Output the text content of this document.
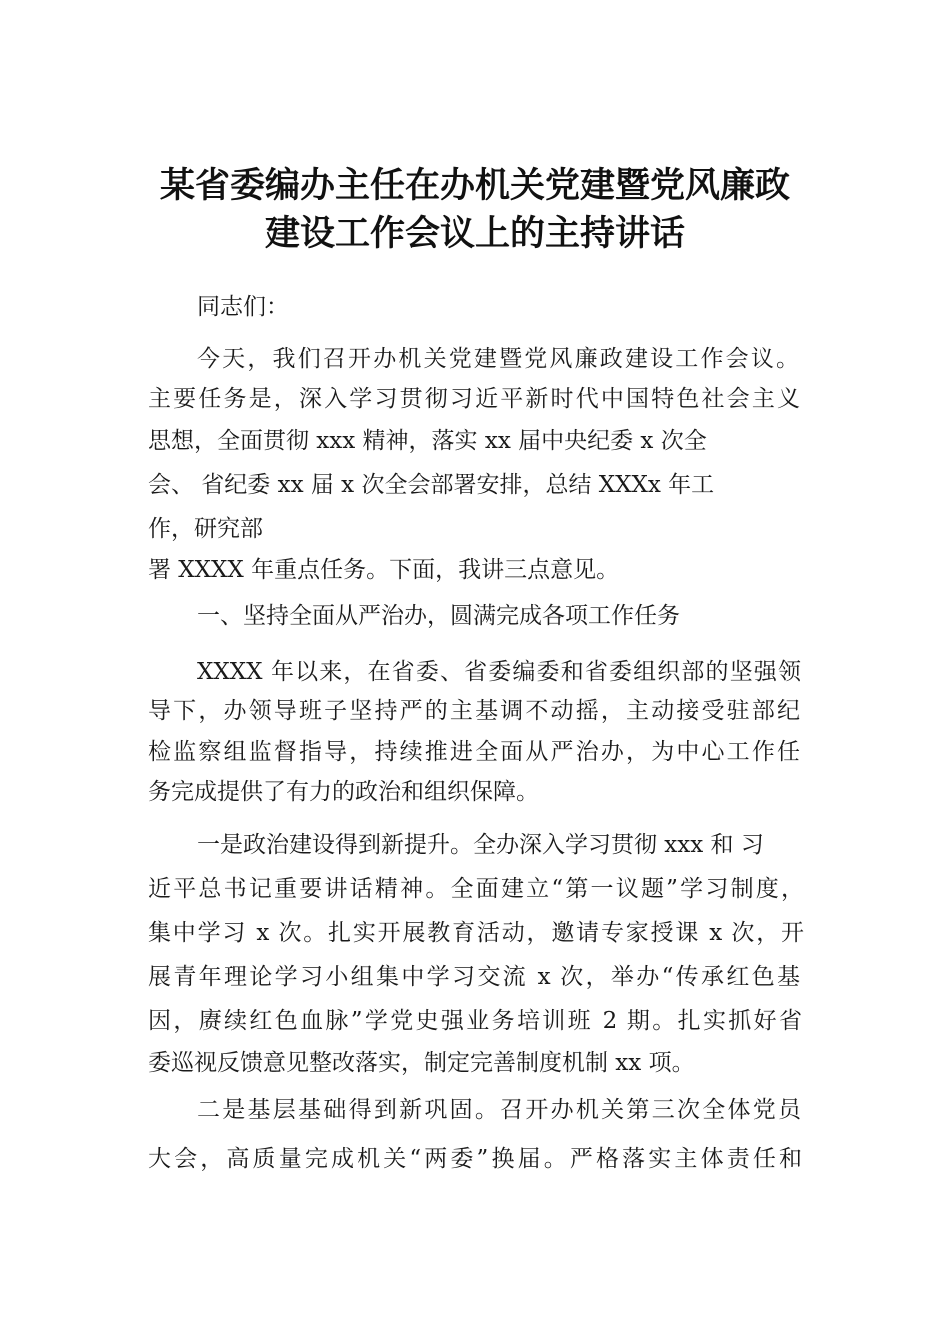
某省委编办主任在办机关党建暨党风廉政
建设工作会议上的主持讲话
同志们：
今天，我们召开办机关党建暨党风廉政建设工作会议。
主要任务是，深入学习贯彻习近平新时代中国特色社会主义
思想，全面贯彻 xxx 精神，落实 xx 届中央纪委 x 次全
会、 省纪委 xx 届 x 次全会部署安排，总结 XXXx 年工
作，研究部
署 XXXX 年重点任务。下面，我讲三点意见。
一、坚持全面从严治办，圆满完成各项工作任务
XXXX 年以来，在省委、省委编委和省委组织部的坚强领
导下，办领导班子坚持严的主基调不动摇，主动接受驻部纪
检监察组监督指导，持续推进全面从严治办，为中心工作任
务完成提供了有力的政治和组织保障。
一是政治建设得到新提升。全办深入学习贯彻 xxx 和 习
近平总书记重要讲话精神。全面建立“第一议题”学习制度，
集中学习 x 次。扎实开展教育活动，邀请专家授课 x 次，开
展青年理论学习小组集中学习交流 x 次，举办“传承红色基
因，赓续红色血脉”学党史强业务培训班 2 期。扎实抓好省
委巡视反馈意见整改落实，制定完善制度机制 xx 项。
二是基层基础得到新巩固。召开办机关第三次全体党员
大会，高质量完成机关“两委”换届。严格落实主体责任和
